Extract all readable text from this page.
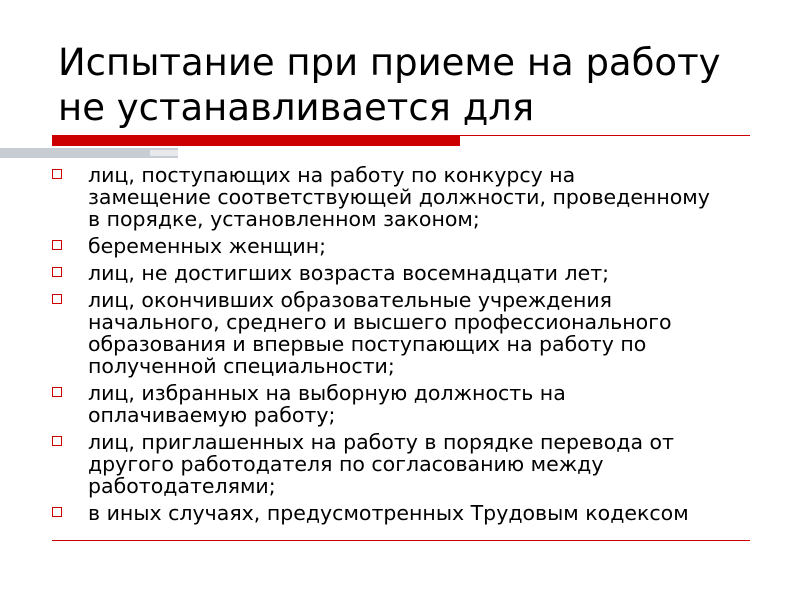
Испытание при приеме на работу
не устанавливается для
лиц, поступающих на работу по конкурсу на
замещение соответствующей должности, проведенному
в порядке, установленном законом;
беременных женщин;
лиц, не достигших возраста восемнадцати лет;
лиц, окончивших образовательные учреждения
начального, среднего и высшего профессионального
образования и впервые поступающих на работу по
полученной специальности;
лиц, избранных на выборную должность на
оплачиваемую работу;
лиц, приглашенных на работу в порядке перевода от
другого работодателя по согласованию между
работодателями;
в иных случаях, предусмотренных Трудовым кодексом
